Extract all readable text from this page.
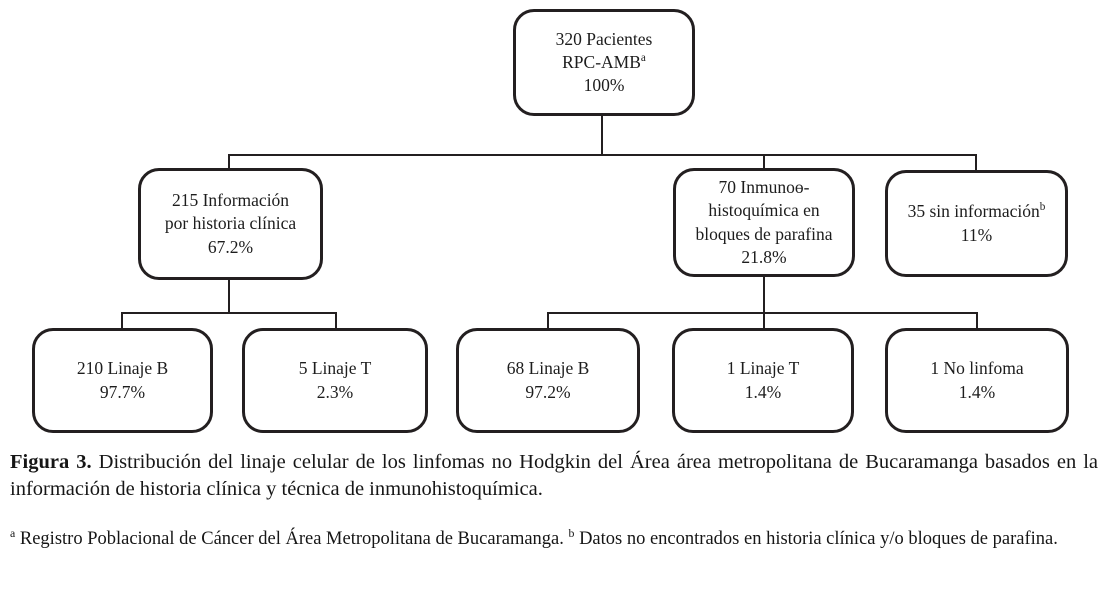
320 Pacientes
RPC-AMB$^a$
100%
215 Información
por historia clínica
67.2%
70 Inmunoө-
histoquímica en
bloques de parafina
21.8%
35 sin información$^b$
11%
210 Linaje B
97.7%
5 Linaje T
2.3%
68 Linaje B
97.2%
1 Linaje T
1.4%
1 No linfoma
1.4%

Figura 3. Distribución del linaje celular de los linfomas no Hodgkin del Área área metropolitana de Bucaramanga basados en la información de historia clínica y técnica de inmunohistoquímica.

$^a$ Registro Poblacional de Cáncer del Área Metropolitana de Bucaramanga. $^b$ Datos no encontrados en historia clínica y/o bloques de parafina.
